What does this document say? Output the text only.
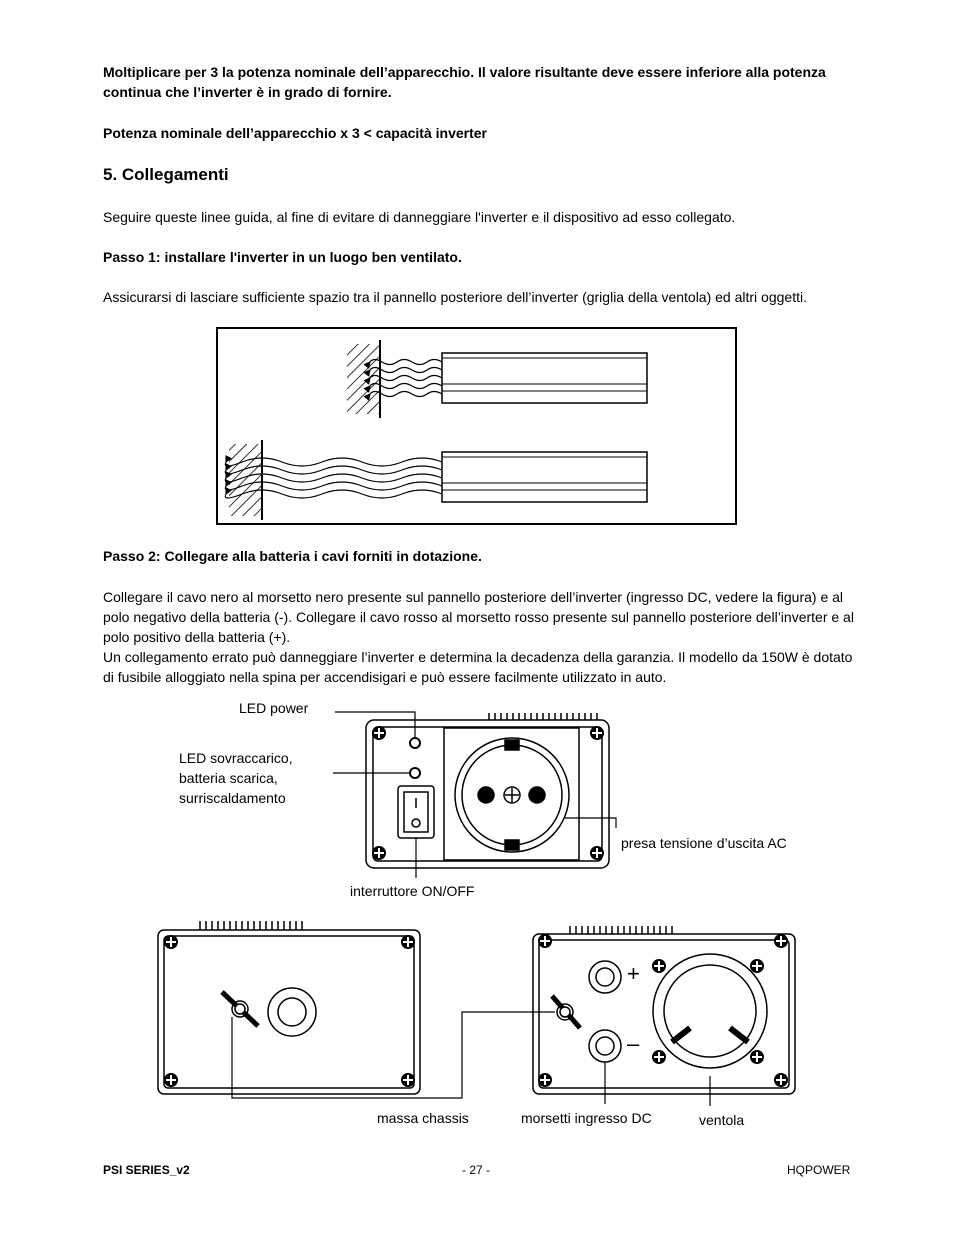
Moltiplicare per 3 la potenza nominale dell’apparecchio. Il valore risultante deve essere inferiore alla potenza continua che l’inverter è in grado di fornire.
Potenza nominale dell’apparecchio x 3 < capacità inverter
5. Collegamenti
Seguire queste linee guida, al fine di evitare di danneggiare l'inverter e il dispositivo ad esso collegato.
Passo 1: installare l'inverter in un luogo ben ventilato.
Assicurarsi di lasciare sufficiente spazio tra il pannello posteriore dell’inverter (griglia della ventola) ed altri oggetti.
Passo 2: Collegare alla batteria i cavi forniti in dotazione.
Collegare il cavo nero al morsetto nero presente sul pannello posteriore dell’inverter (ingresso DC, vedere la figura) e al polo negativo della batteria (-). Collegare il cavo rosso al morsetto rosso presente sul pannello posteriore dell’inverter e al polo positivo della batteria (+).
Un collegamento errato può danneggiare l’inverter e determina la decadenza della garanzia. Il modello da 150W è dotato di fusibile alloggiato nella spina per accendisigari e può essere facilmente utilizzato in auto.
LED power
LED sovraccarico,
batteria scarica,
surriscaldamento
presa tensione d’uscita AC
interruttore ON/OFF
+
–
massa chassis	morsetti ingresso DC	ventola
PSI SERIES_v2	- 27 -	HQPOWER
